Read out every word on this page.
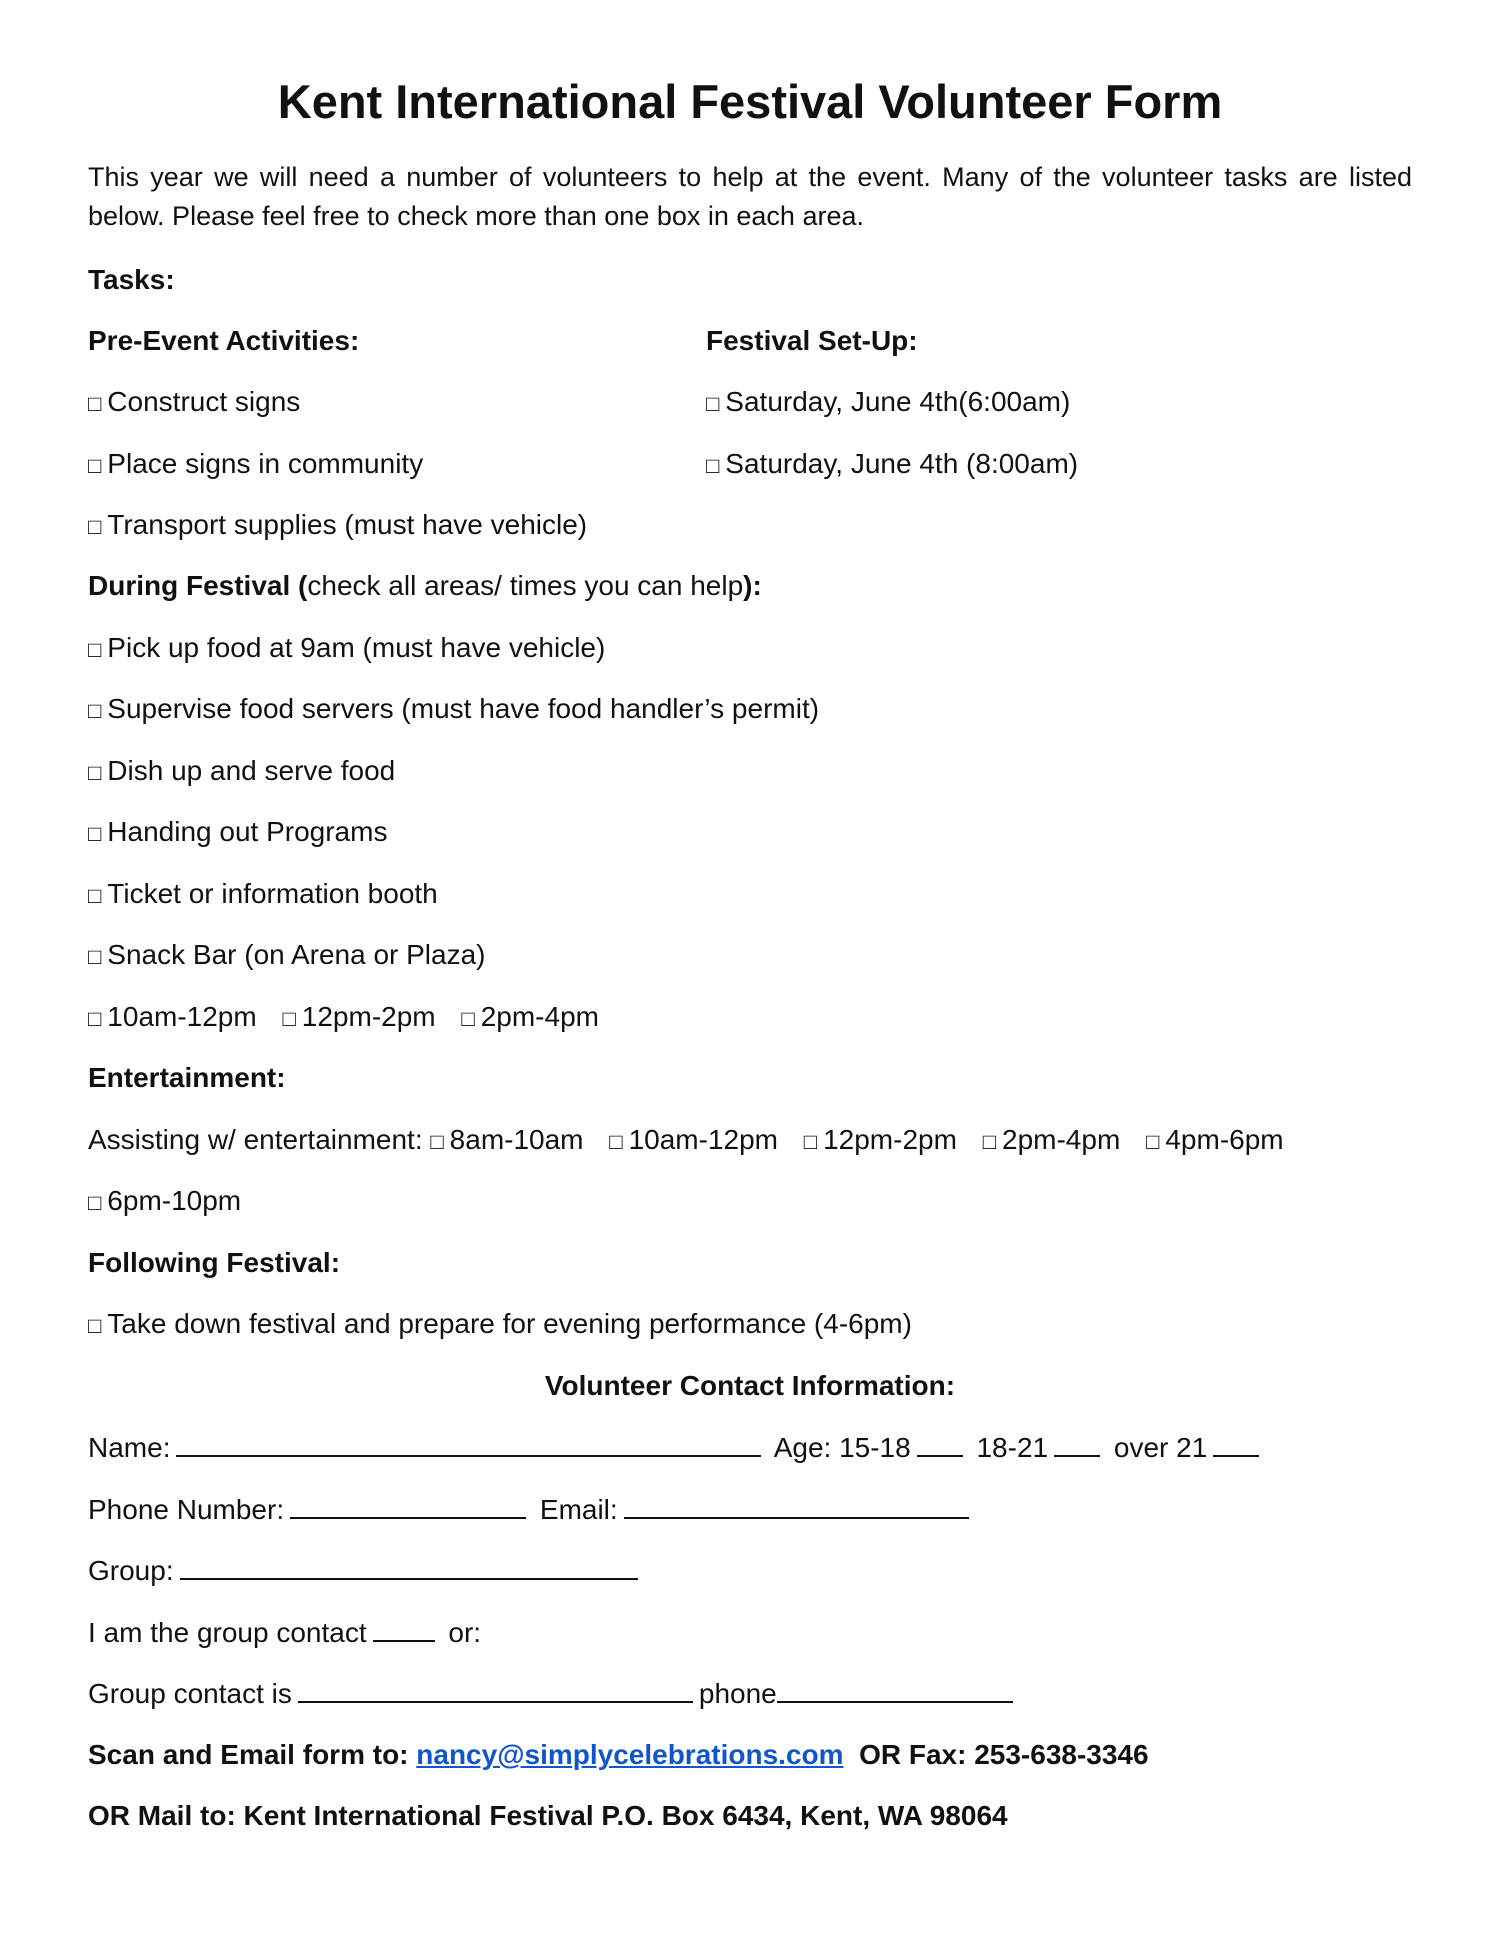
Kent International Festival Volunteer Form
This year we will need a number of volunteers to help at the event. Many of the volunteer tasks are listed below. Please feel free to check more than one box in each area.
Tasks:
Pre-Event Activities:
□ Construct signs
□ Place signs in community
□ Transport supplies (must have vehicle)
Festival Set-Up:
□ Saturday, June 4th(6:00am)
□ Saturday, June 4th (8:00am)
During Festival (check all areas/ times you can help):
□ Pick up food at 9am (must have vehicle)
□ Supervise food servers (must have food handler’s permit)
□ Dish up and serve food
□ Handing out Programs
□ Ticket or information booth
□ Snack Bar (on Arena or Plaza)
□ 10am-12pm □ 12pm-2pm □ 2pm-4pm
Entertainment:
Assisting w/ entertainment: □ 8am-10am □ 10am-12pm □ 12pm-2pm □ 2pm-4pm □ 4pm-6pm
□ 6pm-10pm
Following Festival:
□ Take down festival and prepare for evening performance (4-6pm)
Volunteer Contact Information:
Name:	Age: 15-18 18-21 over 21
Phone Number:	Email:
Group:
I am the group contact	or:
Group contact is	phone
Scan and Email form to: nancy@simplycelebrations.com OR Fax: 253-638-3346
OR Mail to: Kent International Festival P.O. Box 6434, Kent, WA 98064
